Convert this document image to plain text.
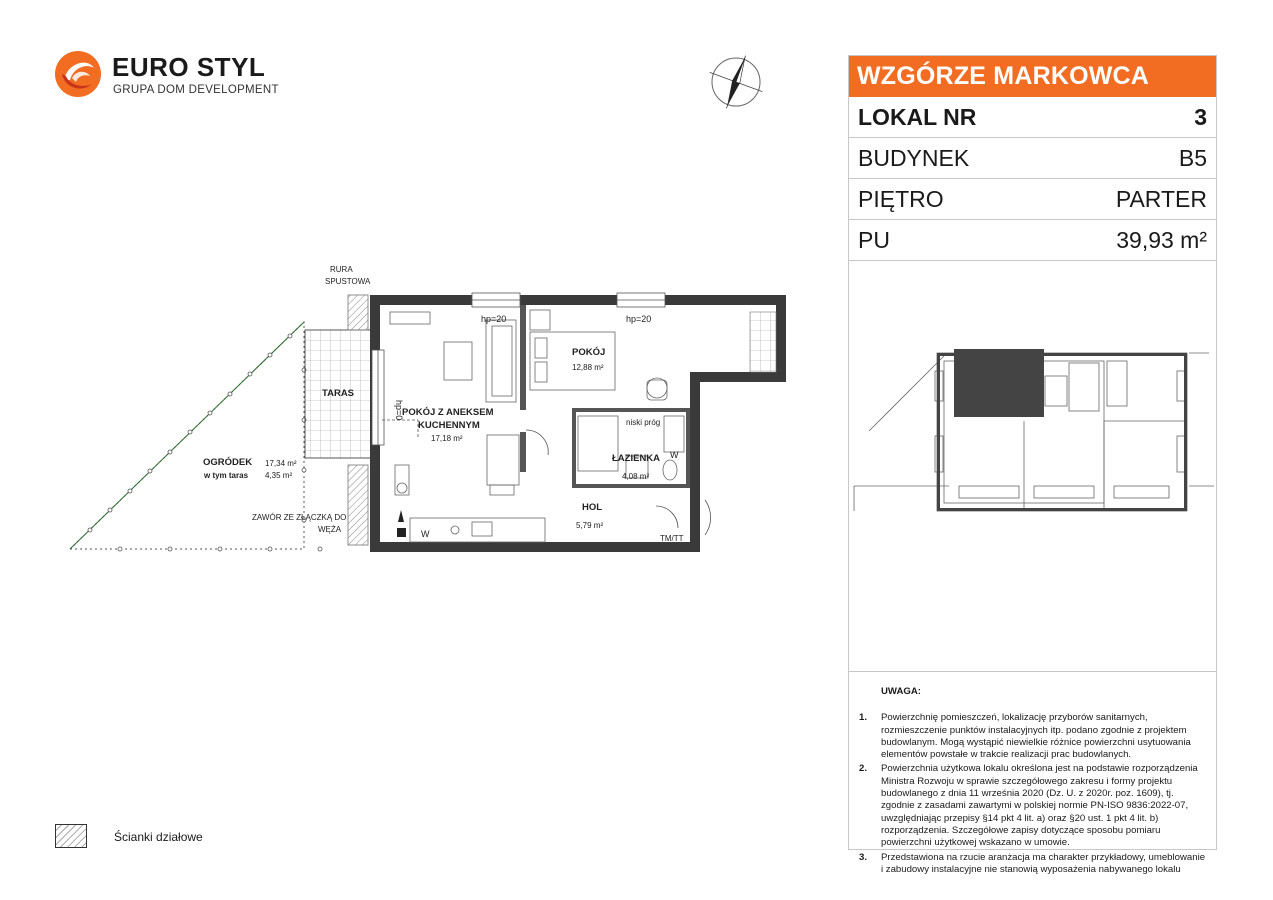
EURO STYL
GRUPA DOM DEVELOPMENT
RURA
SPUSTOWA
hp=20	hp=20
hp=0
niski próg
ZAWÓR ZE ZŁĄCZKĄ DO
WĘŻA
TM/TT
W
W
POKÓJ
POKÓJ Z ANEKSEM
KUCHENNYM
ŁAZIENKA
HOL
TARAS
OGRÓDEK
12,88 m²
17,18 m²
4,08 m²
5,79 m²
w tym taras
17,34 m²
4,35 m²
Ścianki działowe
WZGÓRZE MARKOWCA
LOKAL NR	3
BUDYNEK	B5
PIĘTRO	PARTER
PU	39,93 m²
UWAGA:
1.	Powierzchnię pomieszczeń, lokalizację przyborów sanitarnych, rozmieszczenie punktów instalacyjnych itp. podano zgodnie z projektem budowlanym. Mogą wystąpić niewielkie różnice powierzchni usytuowania elementów powstałe w trakcie realizacji prac budowlanych.
2.	Powierzchnia użytkowa lokalu określona jest na podstawie rozporządzenia Ministra Rozwoju w sprawie szczegółowego zakresu i formy projektu budowlanego z dnia 11 września 2020 (Dz. U. z 2020r. poz. 1609), tj. zgodnie z zasadami zawartymi w polskiej normie PN-ISO 9836:2022-07, uwzględniając przepisy §14 pkt 4 lit. a) oraz §20 ust. 1 pkt 4 lit. b) rozporządzenia. Szczegółowe zapisy dotyczące sposobu pomiaru powierzchni użytkowej wskazano w umowie.
3.	Przedstawiona na rzucie aranżacja ma charakter przykładowy, umeblowanie i zabudowy instalacyjne nie stanowią wyposażenia nabywanego lokalu
